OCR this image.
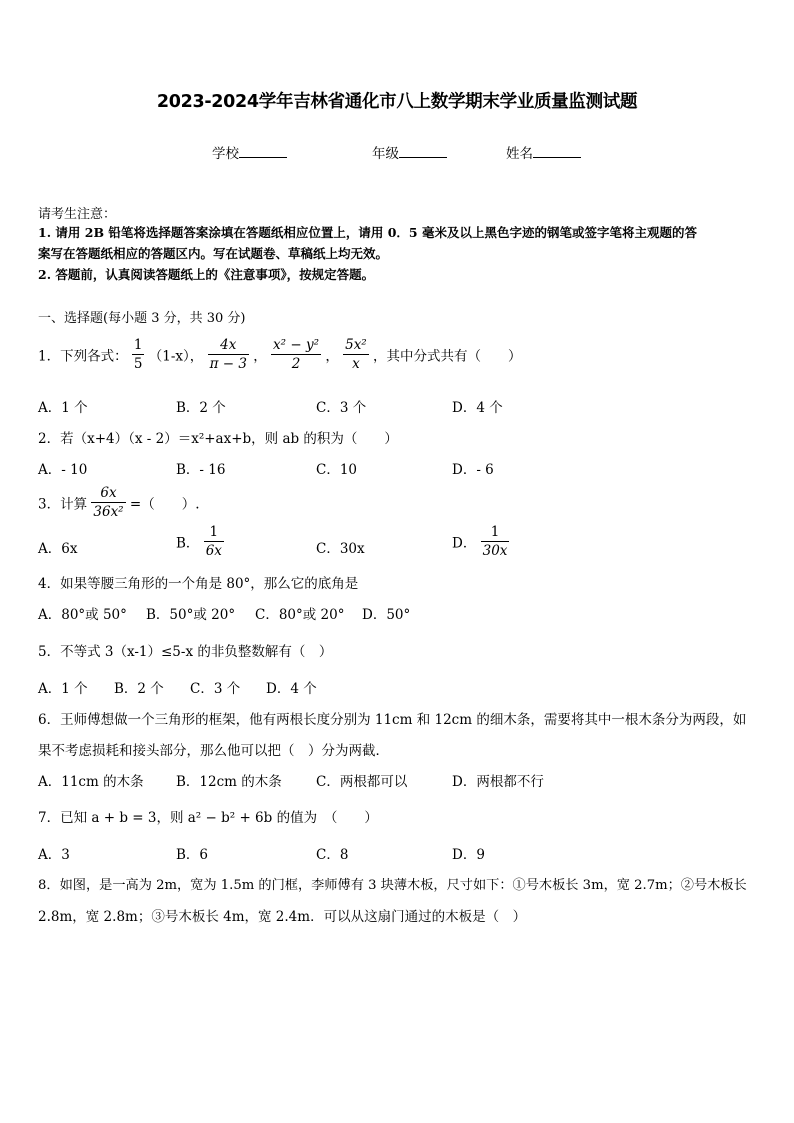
2023-2024学年吉林省通化市八上数学期末学业质量监测试题
学校	年级	姓名
请考生注意：
1. 请用 2B 铅笔将选择题答案涂填在答题纸相应位置上，请用 0．5 毫米及以上黑色字迹的钢笔或签字笔将主观题的答
案写在答题纸相应的答题区内。写在试题卷、草稿纸上均无效。
2. 答题前，认真阅读答题纸上的《注意事项》，按规定答题。
一、选择题(每小题 3 分，共 30 分)
1．下列各式： $\frac{1}{5} (1-x)$， $\frac{4x}{\pi - 3}$ ， $\frac{\text{x² − y²}}{2}$ ， $\frac{\text{5x²}}{x}$ ，其中分式共有（　　）
A．1 个	B．2 个	C．3 个	D．4 个
2．若（x+4）（x - 2）＝x²+ax+b，则 ab 的积为（　　）
A．- 10	B．- 16	C．10	D．- 6
3．计算 $\frac{6x}{\text{36x²}}$ =（　　）.
A．6x	B． $\frac{1}{6x}$	C．30x	D． $\frac{1}{30x}$
4．如果等腰三角形的一个角是 80°，那么它的底角是
A．80°或 50° B．50°或 20° C．80°或 20° D．50°
5．不等式 3（x-1）≤5-x 的非负整数解有（　）
A．1 个 B．2 个 C．3 个 D．4 个
6．王师傅想做一个三角形的框架，他有两根长度分别为 11cm 和 12cm 的细木条，需要将其中一根木条分为两段，如
果不考虑损耗和接头部分，那么他可以把（　）分为两截．
A．11cm 的木条 B．12cm 的木条	C．两根都可以	D．两根都不行
7．已知 a + b = 3，则 a² − b² + 6b 的值为　（　　）
A．3	B．6	C．8	D．9
8．如图，是一高为 2m，宽为 1.5m 的门框，李师傅有 3 块薄木板，尺寸如下：①号木板长 3m，宽 2.7m；②号木板长
2.8m，宽 2.8m；③号木板长 4m，宽 2.4m．可以从这扇门通过的木板是（　）
